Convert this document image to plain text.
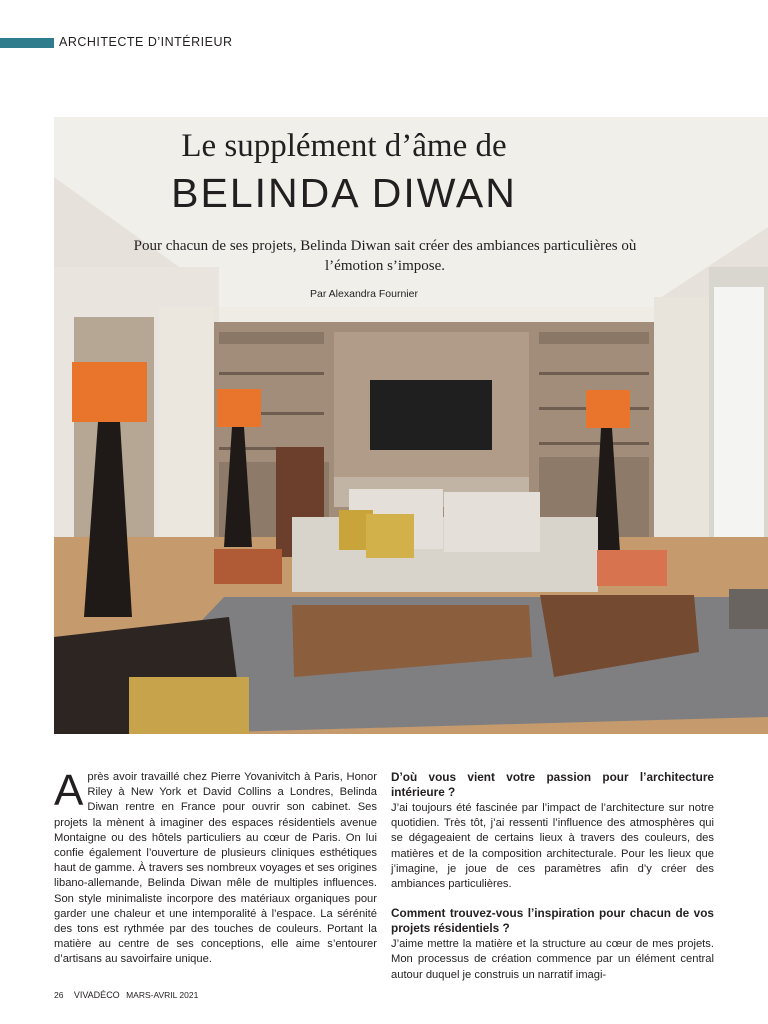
ARCHITECTE D’INTÉRIEUR
Le supplément d’âme de
BELINDA DIWAN
Pour chacun de ses projets, Belinda Diwan sait créer des ambiances particulières où l’émotion s’impose.
Par Alexandra Fournier
A près avoir travaillé chez Pierre Yovanivitch à Paris, Honor Riley à New York et David Collins a Londres, Belinda Diwan rentre en France pour ouvrir son cabinet. Ses projets la mènent à imaginer des espaces résidentiels avenue Montaigne ou des hôtels particuliers au cœur de Paris. On lui confie également l’ouverture de plusieurs cliniques esthétiques haut de gamme. À travers ses nombreux voyages et ses origines libano-allemande, Belinda Diwan mêle de multiples influences. Son style minimaliste incorpore des matériaux organiques pour garder une chaleur et une intemporalité à l’espace. La sérénité des tons est rythmée par des touches de couleurs. Portant la matière au centre de ses conceptions, elle aime s’entourer d’artisans au savoirfaire unique.

D’où vous vient votre passion pour l’architecture intérieure ?

J’ai toujours été fascinée par l’impact de l’architecture sur notre quotidien. Très tôt, j’ai ressenti l’influence des atmosphères qui se dégageaient de certains lieux à travers des couleurs, des matières et de la composition architecturale. Pour les lieux que j’imagine, je joue de ces paramètres afin d’y créer des ambiances particulières.

Comment trouvez-vous l’inspiration pour chacun de vos projets résidentiels ?

J’aime mettre la matière et la structure au cœur de mes projets. Mon processus de création commence par un élément central autour duquel je construis un narratif imagi-

26 VIVADÉCO MARS-AVRIL 2021
